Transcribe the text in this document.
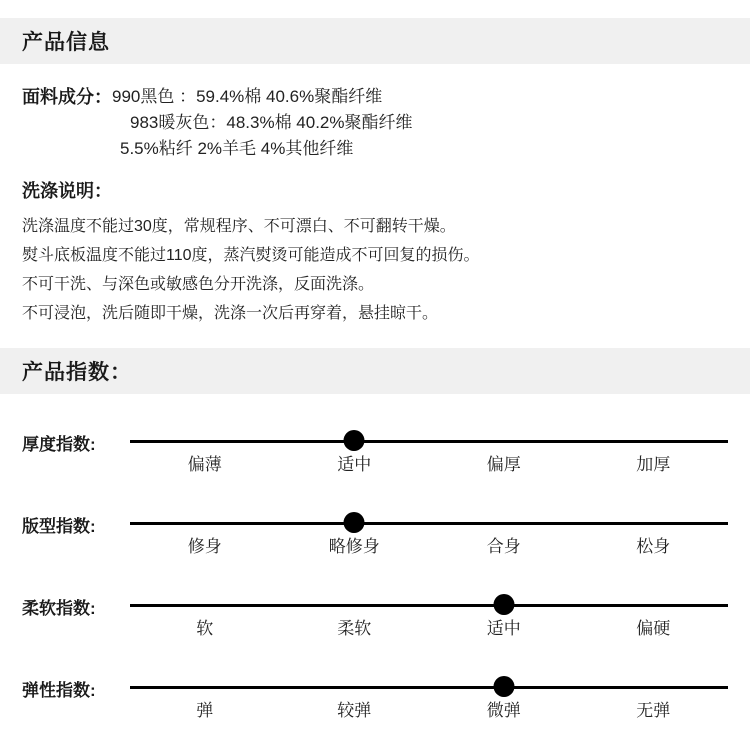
产品信息
面料成分： 990黑色 ：59.4%棉 40.6%聚酯纤维
983暖灰色：48.3%棉 40.2%聚酯纤维
5.5%粘纤 2%羊毛 4%其他纤维
洗涤说明：
洗涤温度不能过30度，常规程序、不可漂白、不可翻转干燥。
熨斗底板温度不能过110度，蒸汽熨烫可能造成不可回复的损伤。
不可干洗、与深色或敏感色分开洗涤，反面洗涤。
不可浸泡，洗后随即干燥，洗涤一次后再穿着，悬挂晾干。
产品指数：
厚度指数:
偏薄	适中	偏厚	加厚
版型指数:
修身	略修身	合身	松身
柔软指数:
软	柔软	适中	偏硬
弹性指数:
弹	较弹	微弹	无弹
